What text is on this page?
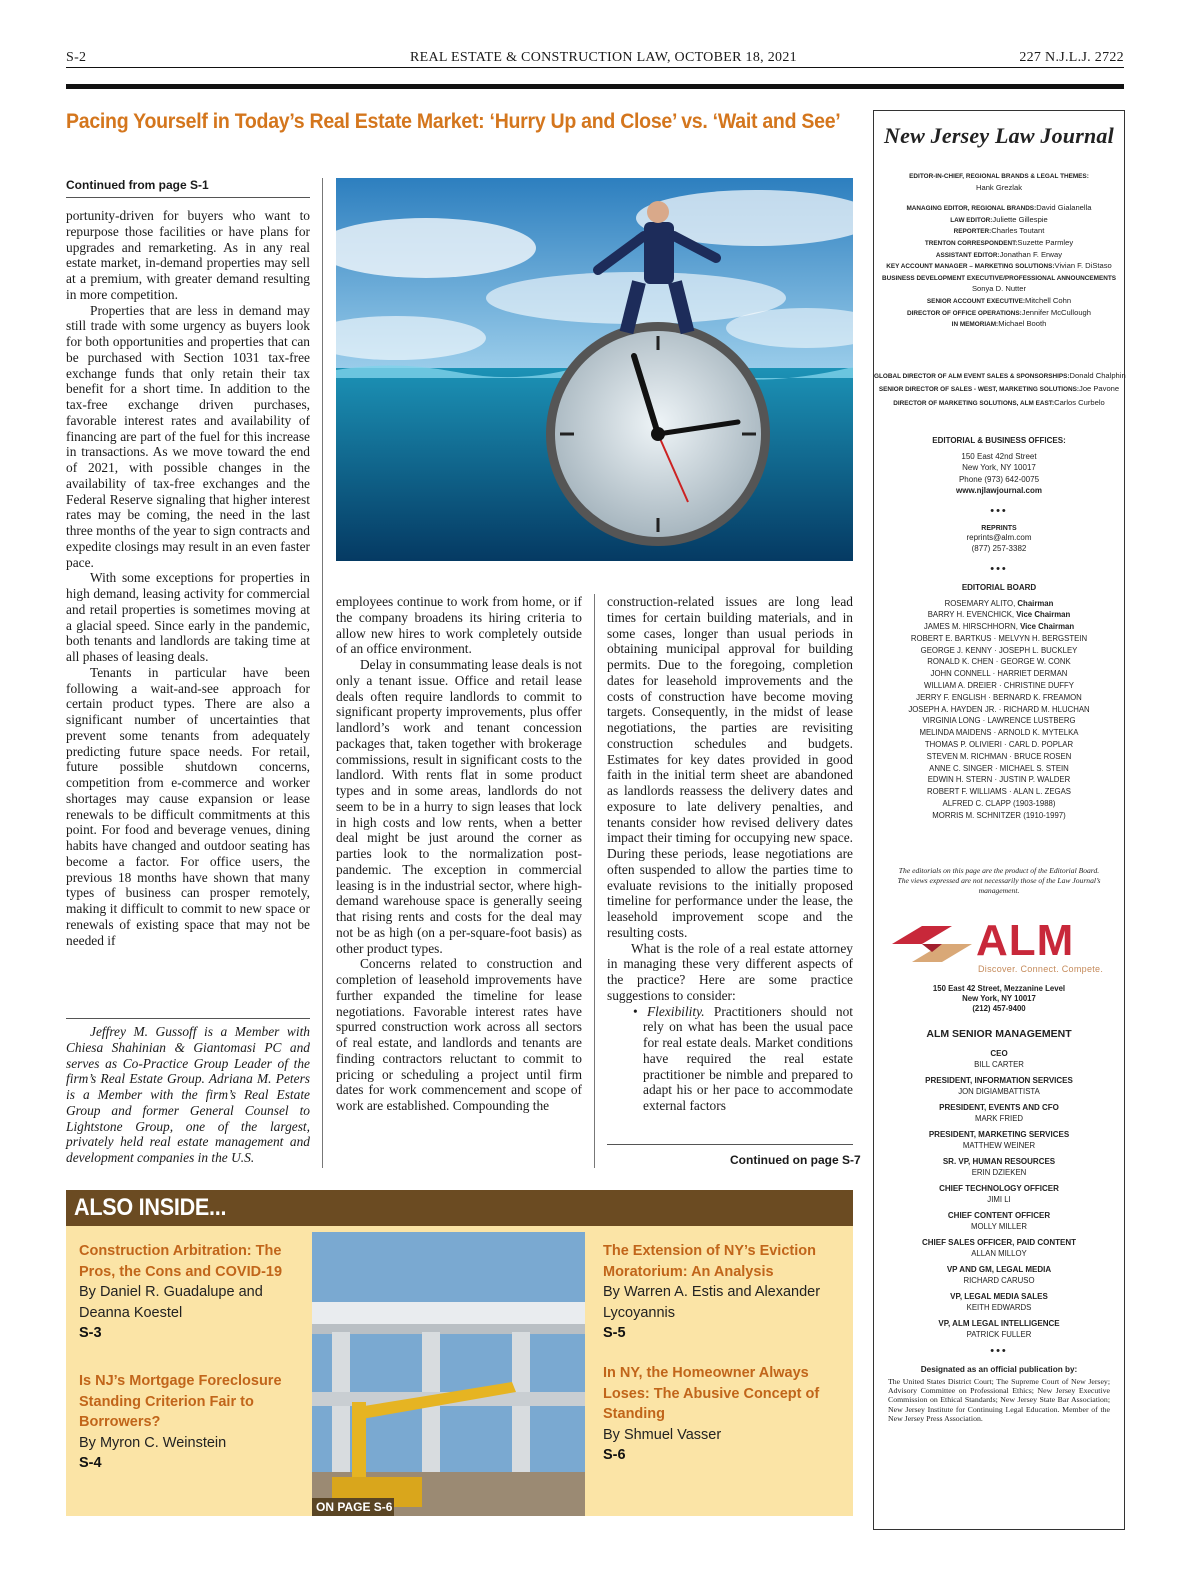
S-2	REAL ESTATE & CONSTRUCTION LAW, OCTOBER 18, 2021	227 N.J.L.J. 2722
Pacing Yourself in Today’s Real Estate Market: ‘Hurry Up and Close’ vs. ‘Wait and See’
Continued from page S-1

portunity-driven for buyers who want to repurpose those facilities or have plans for upgrades and remarketing. As in any real estate market, in-demand properties may sell at a premium, with greater demand resulting in more competition.

Properties that are less in demand may still trade with some urgency as buyers look for both opportunities and properties that can be purchased with Section 1031 tax-free exchange funds that only retain their tax benefit for a short time. In addition to the tax-free exchange driven purchases, favorable interest rates and availability of financing are part of the fuel for this increase in transactions. As we move toward the end of 2021, with possible changes in the availability of tax-free exchanges and the Federal Reserve signaling that higher interest rates may be coming, the need in the last three months of the year to sign contracts and expedite closings may result in an even faster pace.

With some exceptions for properties in high demand, leasing activity for commercial and retail properties is sometimes moving at a glacial speed. Since early in the pandemic, both tenants and landlords are taking time at all phases of leasing deals.

Tenants in particular have been following a wait-and-see approach for certain product types. There are also a significant number of uncertainties that prevent some tenants from adequately predicting future space needs. For retail, future possible shutdown concerns, competition from e-commerce and worker shortages may cause expansion or lease renewals to be difficult commitments at this point. For food and beverage venues, dining habits have changed and outdoor seating has become a factor. For office users, the previous 18 months have shown that many types of business can prosper remotely, making it difficult to commit to new space or renewals of existing space that may not be needed if

Jeffrey M. Gussoff is a Member with Chiesa Shahinian & Giantomasi PC and serves as Co-Practice Group Leader of the firm’s Real Estate Group. Adriana M. Peters is a Member with the firm’s Real Estate Group and former General Counsel to Lightstone Group, one of the largest, privately held real estate management and development companies in the U.S.

employees continue to work from home, or if the company broadens its hiring criteria to allow new hires to work completely outside of an office environment.

Delay in consummating lease deals is not only a tenant issue. Office and retail lease deals often require landlords to commit to significant property improvements, plus offer landlord’s work and tenant concession packages that, taken together with brokerage commissions, result in significant costs to the landlord. With rents flat in some product types and in some areas, landlords do not seem to be in a hurry to sign leases that lock in high costs and low rents, when a better deal might be just around the corner as parties look to the normalization post-pandemic. The exception in commercial leasing is in the industrial sector, where high-demand warehouse space is generally seeing that rising rents and costs for the deal may not be as high (on a per-square-foot basis) as other product types.

Concerns related to construction and completion of leasehold improvements have further expanded the timeline for lease negotiations. Favorable interest rates have spurred construction work across all sectors of real estate, and landlords and tenants are finding contractors reluctant to commit to pricing or scheduling a project until firm dates for work commencement and scope of work are established. Compounding the

construction-related issues are long lead times for certain building materials, and in some cases, longer than usual periods in obtaining municipal approval for building permits. Due to the foregoing, completion dates for leasehold improvements and the costs of construction have become moving targets. Consequently, in the midst of lease negotiations, the parties are revisiting construction schedules and budgets. Estimates for key dates provided in good faith in the initial term sheet are abandoned as landlords reassess the delivery dates and exposure to late delivery penalties, and tenants consider how revised delivery dates impact their timing for occupying new space. During these periods, lease negotiations are often suspended to allow the parties time to evaluate revisions to the initially proposed timeline for performance under the lease, the leasehold improvement scope and the resulting costs.

What is the role of a real estate attorney in managing these very different aspects of the practice? Here are some practice suggestions to consider:

• Flexibility. Practitioners should not rely on what has been the usual pace for real estate deals. Market conditions have required the real estate practitioner be nimble and prepared to adapt his or her pace to accommodate external factors

Continued on page S-7
ALSO INSIDE...
ON PAGE S-6
Construction Arbitration: The Pros, the Cons and COVID-19
By Daniel R. Guadalupe and Deanna Koestel
S-3
Is NJ’s Mortgage Foreclosure Standing Criterion Fair to Borrowers?
By Myron C. Weinstein
S-4
The Extension of NY’s Eviction Moratorium: An Analysis
By Warren A. Estis and Alexander Lycoyannis
S-5
In NY, the Homeowner Always Loses: The Abusive Concept of Standing
By Shmuel Vasser
S-6
New Jersey Law Journal
EDITOR-IN-CHIEF, REGIONAL BRANDS & LEGAL THEMES:
Hank Grezlak
MANAGING EDITOR, REGIONAL BRANDS:David Gialanella
LAW EDITOR:Juliette Gillespie
REPORTER:Charles Toutant
TRENTON CORRESPONDENT:Suzette Parmley
ASSISTANT EDITOR:Jonathan F. Erway
KEY ACCOUNT MANAGER – MARKETING SOLUTIONS:Vivian F. DiStaso
BUSINESS DEVELOPMENT EXECUTIVE/PROFESSIONAL ANNOUNCEMENTS
Sonya D. Nutter
SENIOR ACCOUNT EXECUTIVE:Mitchell Cohn
DIRECTOR OF OFFICE OPERATIONS:Jennifer McCullough
IN MEMORIAM:Michael Booth
GLOBAL DIRECTOR OF ALM EVENT SALES & SPONSORSHIPS:Donald Chalphin
SENIOR DIRECTOR OF SALES - WEST, MARKETING SOLUTIONS:Joe Pavone
DIRECTOR OF MARKETING SOLUTIONS, ALM EAST:Carlos Curbelo
EDITORIAL & BUSINESS OFFICES:
150 East 42nd Street
New York, NY 10017
Phone (973) 642-0075
www.njlawjournal.com
•••
REPRINTS
reprints@alm.com
(877) 257-3382
•••
EDITORIAL BOARD
ROSEMARY ALITO, Chairman
BARRY H. EVENCHICK, Vice Chairman
JAMES M. HIRSCHHORN, Vice Chairman
ROBERT E. BARTKUS · MELVYN H. BERGSTEIN
GEORGE J. KENNY · JOSEPH L. BUCKLEY
RONALD K. CHEN · GEORGE W. CONK
JOHN CONNELL · HARRIET DERMAN
WILLIAM A. DREIER · CHRISTINE DUFFY
JERRY F. ENGLISH · BERNARD K. FREAMON
JOSEPH A. HAYDEN JR. · RICHARD M. HLUCHAN
VIRGINIA LONG · LAWRENCE LUSTBERG
MELINDA MAIDENS · ARNOLD K. MYTELKA
THOMAS P. OLIVIERI · CARL D. POPLAR
STEVEN M. RICHMAN · BRUCE ROSEN
ANNE C. SINGER · MICHAEL S. STEIN
EDWIN H. STERN · JUSTIN P. WALDER
ROBERT F. WILLIAMS · ALAN L. ZEGAS
ALFRED C. CLAPP (1903-1988)
MORRIS M. SCHNITZER (1910-1997)
The editorials on this page are the product of the Editorial Board. The views expressed are not necessarily those of the Law Journal’s management.
ALM
Discover. Connect. Compete.
150 East 42 Street, Mezzanine Level
New York, NY 10017
(212) 457-9400
ALM SENIOR MANAGEMENT
CEO
BILL CARTER
PRESIDENT, INFORMATION SERVICES
JON DIGIAMBATTISTA
PRESIDENT, EVENTS AND CFO
MARK FRIED
PRESIDENT, MARKETING SERVICES
MATTHEW WEINER
SR. VP, HUMAN RESOURCES
ERIN DZIEKEN
CHIEF TECHNOLOGY OFFICER
JIMI LI
CHIEF CONTENT OFFICER
MOLLY MILLER
CHIEF SALES OFFICER, PAID CONTENT
ALLAN MILLOY
VP AND GM, LEGAL MEDIA
RICHARD CARUSO
VP, LEGAL MEDIA SALES
KEITH EDWARDS
VP, ALM LEGAL INTELLIGENCE
PATRICK FULLER
•••
Designated as an official publication by:
The United States District Court; The Supreme Court of New Jersey; Advisory Committee on Professional Ethics; New Jersey Executive Commission on Ethical Standards; New Jersey State Bar Association; New Jersey Institute for Continuing Legal Education. Member of the New Jersey Press Association.
